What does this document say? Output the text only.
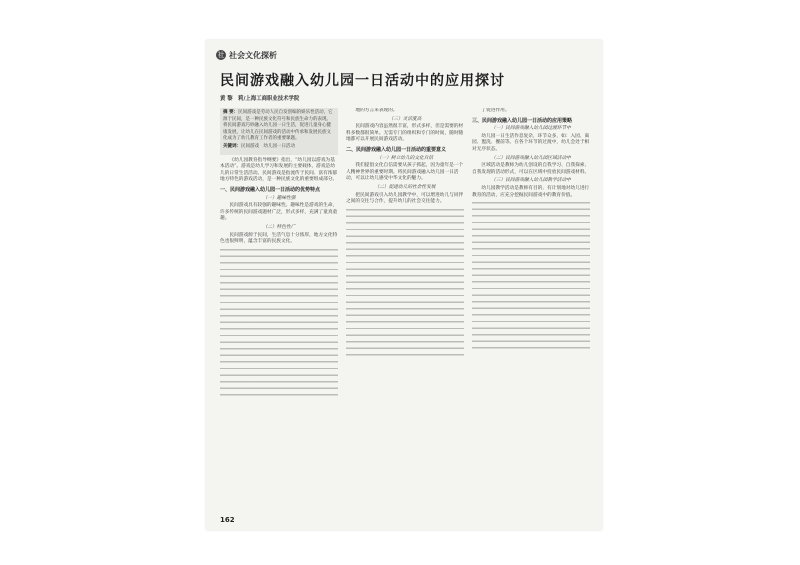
社 社会文化探析
民间游戏融入幼儿园一日活动中的应用探讨
黄 黎　莉/上海工商职业技术学院

摘 要：民间游戏是劳动人民自发创编的娱乐性活动，它源于民间，是一种民族文化符号和民族生命力的表现。将民间游戏巧妙融入幼儿园一日生活，促进儿童身心健康发展，让幼儿在民间游戏的活动中传承和发展民族文化成为了幼儿教育工作者的重要课题。

关键词：民间游戏　幼儿园一日活动

《幼儿园教育指导纲要》指出，“幼儿园以游戏为基本活动”。游戏是幼儿学习和发展的主要载体，游戏是幼儿的日常生活活动。民间游戏是指流传于民间、富有浓郁地方特色的游戏活动，是一种民族文化的重要组成部分。

一、民间游戏融入幼儿园一日活动的优势特点
（一）趣味性强

民间游戏具有较强的趣味性。趣味性是游戏的生命，许多传统的民间游戏题材广泛，形式多样，充满了童真童趣。

（二）特色性广

民间游戏源于民间，生活气息十分浓厚，地方文化特色也很鲜明，蕴含丰富的民族文化。

地的方言来表现的。

（三）灵活度高

民间游戏内容虽然很丰富，形式多样，但是需要的材料多数都很简单。无需专门的组织和专门的时间，随时随地都可以开展民间游戏活动。

二、民间游戏融入幼儿园一日活动的重要意义
（一）树立幼儿的文化自信

我们提倡文化自信需要从孩子抓起，因为童年是一个人精神世界的重要时期。将民间游戏融入幼儿园一日活动，可以让幼儿感受中华文化的魅力。

（二）促进幼儿的社会性发展

把民间游戏引入幼儿园教学中，可以增进幼儿与同伴之间的交往与合作，提升幼儿的社会交往能力。

了促进作用。

三、民间游戏融入幼儿园一日活动的应用策略
（一）民间游戏融入幼儿园过渡环节中

幼儿园一日生活作息复杂，环节众多，如：入园、离园、盥洗、餐前等。在各个环节的过渡中，幼儿会处于相对无序状态。

（二）民间游戏融入幼儿园区域活动中

区域活动是教师为幼儿创设的自我学习、自我探索、自我发现的活动形式，可以在区域中投放民间游戏材料。

（三）民间游戏融入幼儿园教学活动中

幼儿园教学活动是教师有目的、有计划地对幼儿进行教育的活动，应充分挖掘民间游戏中的教育价值。

162
